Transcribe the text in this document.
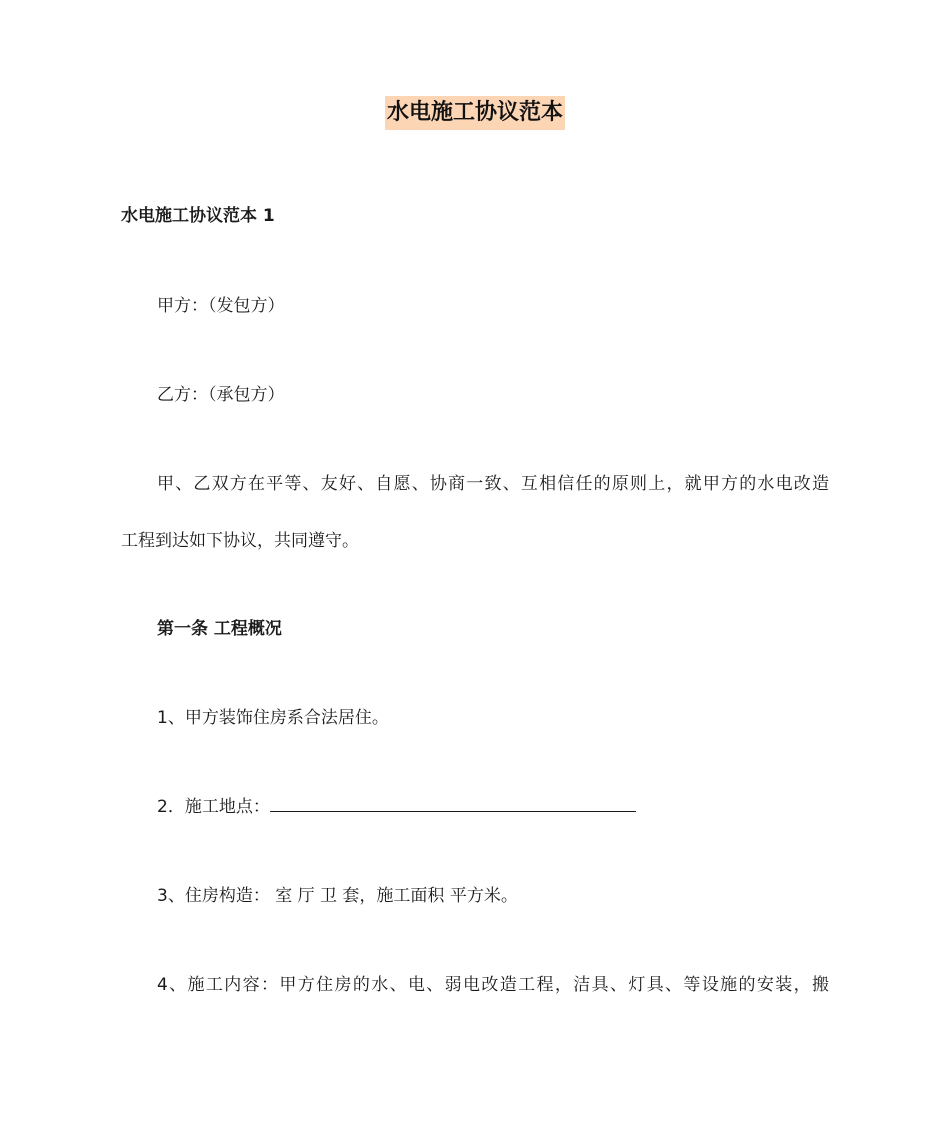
水电施工协议范本
水电施工协议范本 1
甲方：（发包方）
乙方：（承包方）
甲、乙双方在平等、友好、自愿、协商一致、互相信任的原则上，就甲方的水电改造
工程到达如下协议，共同遵守。
第一条 工程概况
1、甲方装饰住房系合法居住。
2．施工地点：
3、住房构造： 室 厅 卫 套，施工面积 平方米。
4、施工内容：甲方住房的水、电、弱电改造工程，洁具、灯具、等设施的安装，搬
